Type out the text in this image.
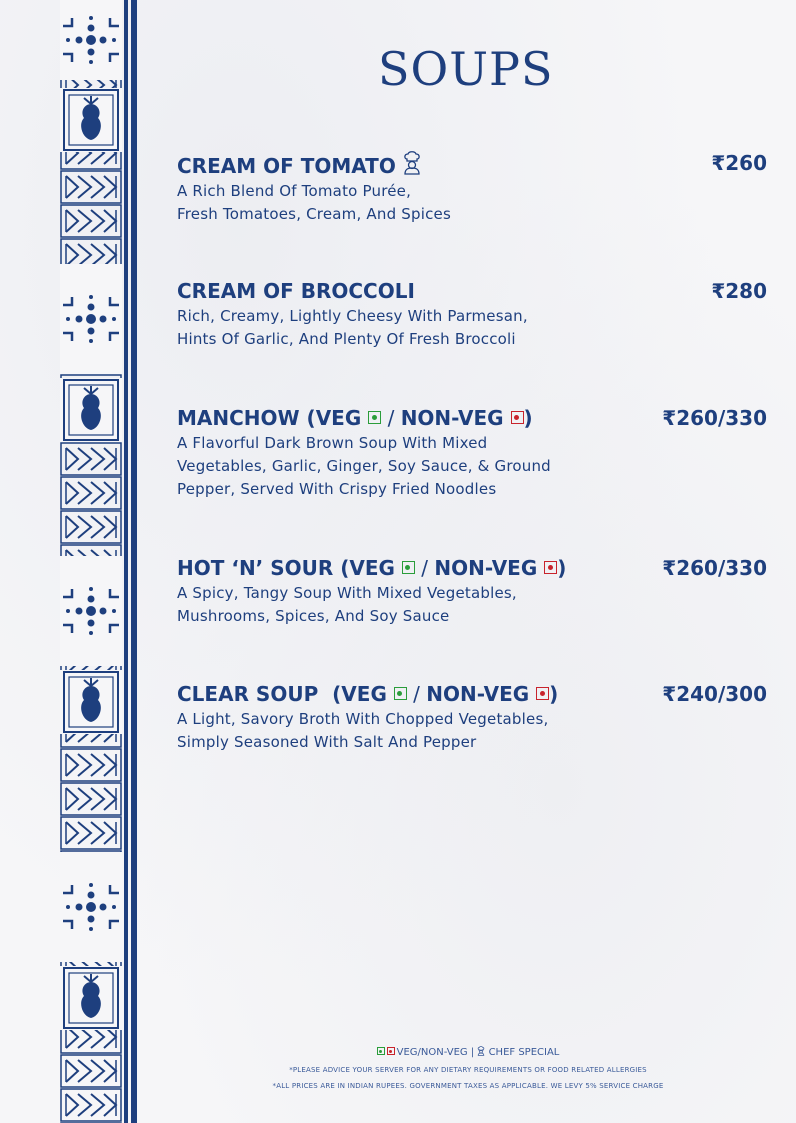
SOUPS
CREAM OF TOMATO	₹260
A Rich Blend Of Tomato Purée,
Fresh Tomatoes, Cream, And Spices
CREAM OF BROCCOLI	₹280
Rich, Creamy, Lightly Cheesy With Parmesan,
Hints Of Garlic, And Plenty Of Fresh Broccoli
MANCHOW (VEG  / NON-VEG )	₹260/330
A Flavorful Dark Brown Soup With Mixed
Vegetables, Garlic, Ginger, Soy Sauce, & Ground
Pepper, Served With Crispy Fried Noodles
HOT ‘N’ SOUR (VEG  / NON-VEG )	₹260/330
A Spicy, Tangy Soup With Mixed Vegetables,
Mushrooms, Spices, And Soy Sauce
CLEAR SOUP  (VEG  / NON-VEG )	₹240/300
A Light, Savory Broth With Chopped Vegetables,
Simply Seasoned With Salt And Pepper
VEG/NON-VEG |  CHEF SPECIAL
*PLEASE ADVICE YOUR SERVER FOR ANY DIETARY REQUIREMENTS OR FOOD RELATED ALLERGIES
*ALL PRICES ARE IN INDIAN RUPEES. GOVERNMENT TAXES AS APPLICABLE. WE LEVY 5% SERVICE CHARGE
